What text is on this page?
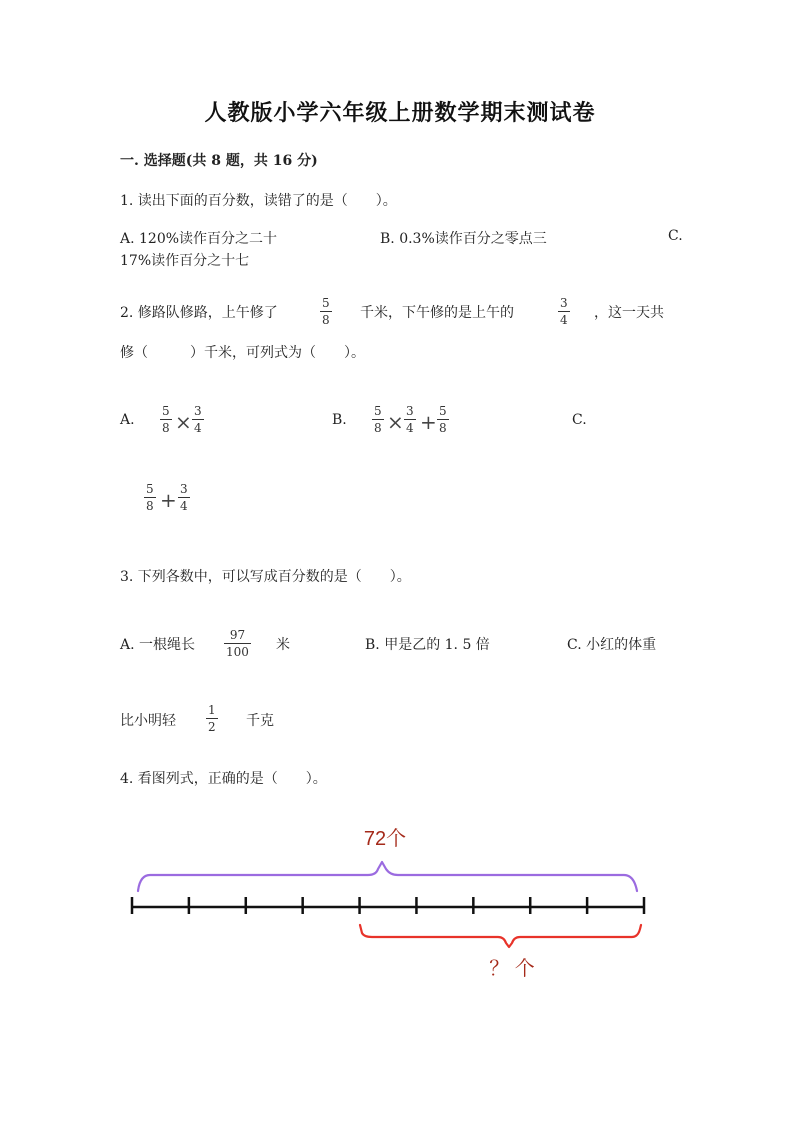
人教版小学六年级上册数学期末测试卷
一. 选择题(共 8 题，共 16 分)
1. 读出下面的百分数，读错了的是（　　）。
A. 120%读作百分之二十	B. 0.3%读作百分之零点三	C.
17%读作百分之十七
2. 修路队修路，上午修了
5
8 千米，下午修的是上午的
3
4 ，这一天共
修（　　　）千米，可列式为（　　）。
A.
5
8 × 3
4	B.
5
8 × 3
4 + 5
8	C.
5
8 + 3
4
3. 下列各数中，可以写成百分数的是（　　）。
A. 一根绳长
97
100 米	B. 甲是乙的 1. 5 倍	C. 小红的体重
比小明轻
1
2 千克
4. 看图列式，正确的是（　　）。
72个
？ 个
